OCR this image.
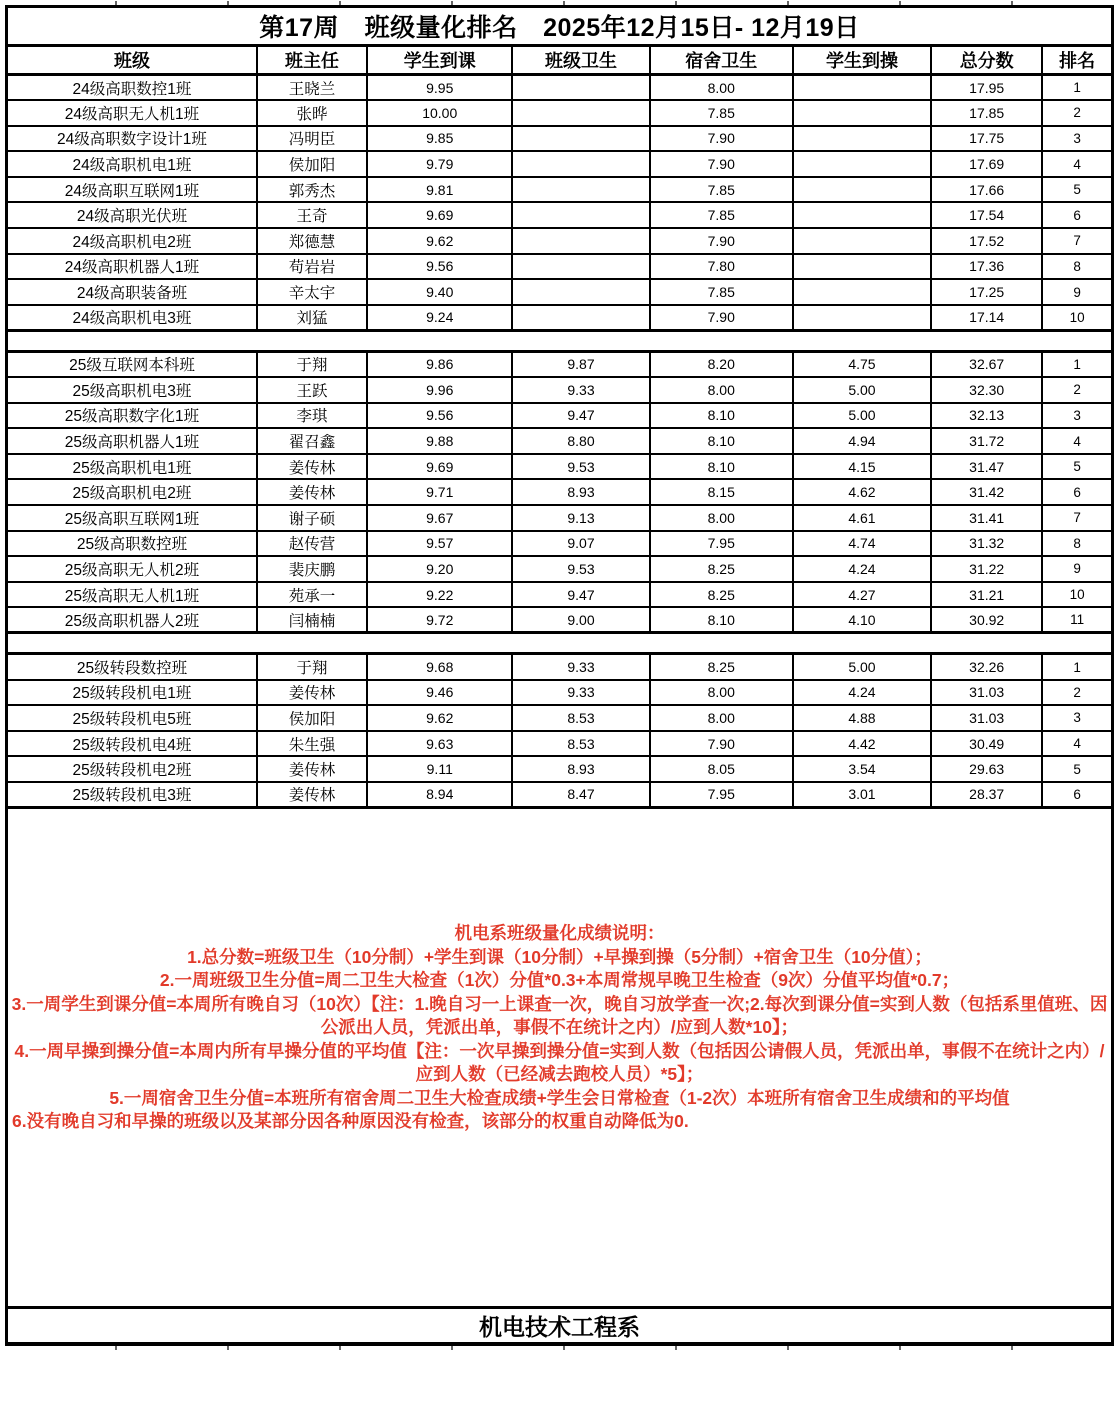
第17周　班级量化排名　2025年12月15日- 12月19日							
班级	班主任	学生到课	班级卫生	宿舍卫生	学生到操	总分数	排名
24级高职数控1班	王晓兰	9.95		8.00		17.95	1
24级高职无人机1班	张晔	10.00		7.85		17.85	2
24级高职数字设计1班	冯明臣	9.85		7.90		17.75	3
24级高职机电1班	侯加阳	9.79		7.90		17.69	4
24级高职互联网1班	郭秀杰	9.81		7.85		17.66	5
24级高职光伏班	王奇	9.69		7.85		17.54	6
24级高职机电2班	郑德慧	9.62		7.90		17.52	7
24级高职机器人1班	苟岩岩	9.56		7.80		17.36	8
24级高职装备班	辛太宇	9.40		7.85		17.25	9
24级高职机电3班	刘猛	9.24		7.90		17.14	10

25级互联网本科班	于翔	9.86	9.87	8.20	4.75	32.67	1
25级高职机电3班	王跃	9.96	9.33	8.00	5.00	32.30	2
25级高职数字化1班	李琪	9.56	9.47	8.10	5.00	32.13	3
25级高职机器人1班	翟召鑫	9.88	8.80	8.10	4.94	31.72	4
25级高职机电1班	姜传林	9.69	9.53	8.10	4.15	31.47	5
25级高职机电2班	姜传林	9.71	8.93	8.15	4.62	31.42	6
25级高职互联网1班	谢子硕	9.67	9.13	8.00	4.61	31.41	7
25级高职数控班	赵传营	9.57	9.07	7.95	4.74	31.32	8
25级高职无人机2班	裴庆鹏	9.20	9.53	8.25	4.24	31.22	9
25级高职无人机1班	苑承一	9.22	9.47	8.25	4.27	31.21	10
25级高职机器人2班	闫楠楠	9.72	9.00	8.10	4.10	30.92	11

25级转段数控班	于翔	9.68	9.33	8.25	5.00	32.26	1
25级转段机电1班	姜传林	9.46	9.33	8.00	4.24	31.03	2
25级转段机电5班	侯加阳	9.62	8.53	8.00	4.88	31.03	3
25级转段机电4班	朱生强	9.63	8.53	7.90	4.42	30.49	4
25级转段机电2班	姜传林	9.11	8.93	8.05	3.54	29.63	5
25级转段机电3班	姜传林	8.94	8.47	7.95	3.01	28.37	6

机电系班级量化成绩说明：
1.总分数=班级卫生（10分制）+学生到课（10分制）+早操到操（5分制）+宿舍卫生（10分值）；
2.一周班级卫生分值=周二卫生大检查（1次）分值*0.3+本周常规早晚卫生检查（9次）分值平均值*0.7；
3.一周学生到课分值=本周所有晚自习（10次）【注：1.晚自习一上课查一次，晚自习放学查一次;2.每次到课分值=实到人数（包括系里值班、因公派出人员，凭派出单，事假不在统计之内）/应到人数*10】；
4.一周早操到操分值=本周内所有早操分值的平均值【注：一次早操到操分值=实到人数（包括因公请假人员，凭派出单，事假不在统计之内）/应到人数（已经减去跑校人员）*5】；
5.一周宿舍卫生分值=本班所有宿舍周二卫生大检查成绩+学生会日常检查（1-2次）本班所有宿舍卫生成绩和的平均值
6.没有晚自习和早操的班级以及某部分因各种原因没有检查，该部分的权重自动降低为0.

机电技术工程系							
